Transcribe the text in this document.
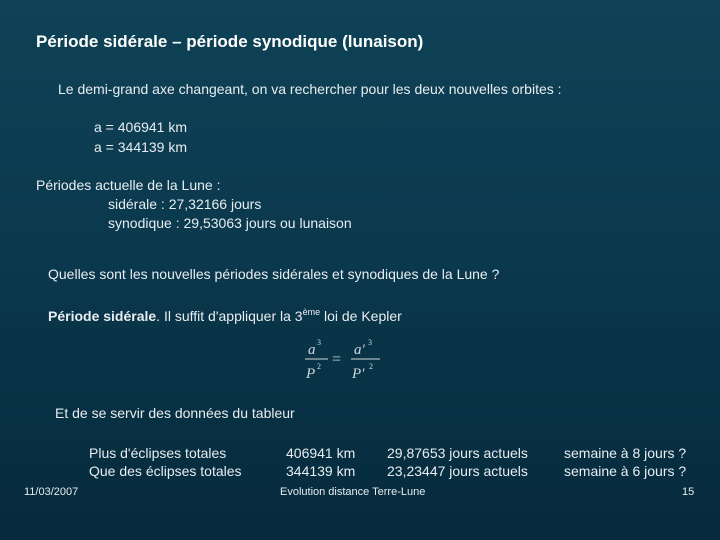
Période sidérale – période synodique (lunaison)
Le demi-grand axe changeant, on va rechercher pour les deux nouvelles orbites :
a = 406941 km
a = 344139 km
Périodes actuelle de la Lune :
sidérale : 27,32166 jours
synodique : 29,53063 jours ou lunaison
Quelles sont les nouvelles périodes sidérales et synodiques de la Lune ?
Période sidérale. Il suffit d'appliquer la 3ème loi de Kepler
a 3
P 2 =
a' 3
P' 2
Et de se servir des données du tableur
Plus d'éclipses totales	406941 km 29,87653 jours actuels	semaine à 8 jours ?
Que des éclipses totales	344139 km 23,23447 jours actuels	semaine à 6 jours ?
11/03/2007	Evolution distance Terre-Lune	15
